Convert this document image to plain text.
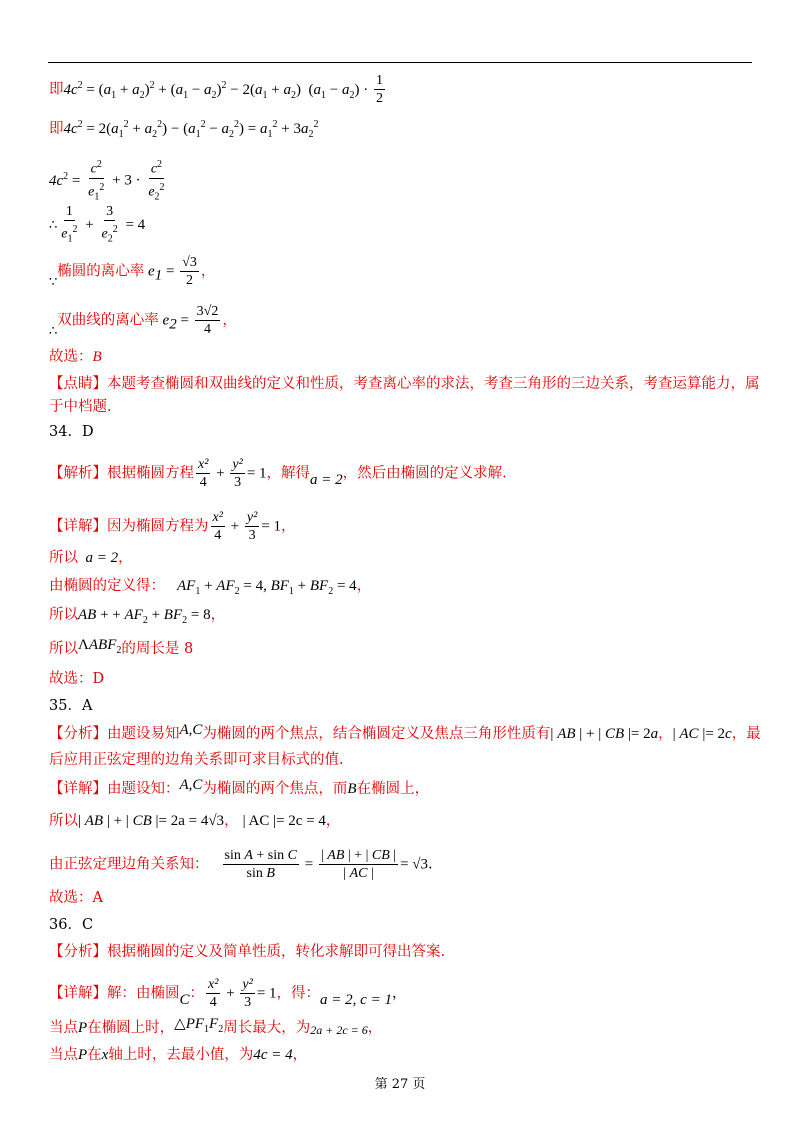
即$4c^2 = (a_1 + a_2)^2 + (a_1 - a_2)^2 - 2(a_1 + a_2) (a_1 - a_2) \cdot \frac{1}{2}$
即$4c^2 = 2(a_1^2 + a_2^2) - (a_1^2 - a_2^2) = a_1^2 + 3a_2^2$
$4c^2 = \frac{c^2}{e_1^2} + 3 \cdot \frac{c^2}{e_2^2}$
∴ $\frac{1}{e_1^2} + \frac{3}{e_2^2} = 4$
∵椭圆的离心率 $e_1 = \frac{√3}{2}$ ，
∴双曲线的离心率 $e_2 = \frac{3√2}{4}$ ，
故选：B
【点睛】本题考查椭圆和双曲线的定义和性质，考查离心率的求法，考查三角形的三边关系，考查运算能力，属
于中档题.
34．D
【解析】根据椭圆方程 $\frac{\text{x²}}{4} + \frac{\text{y²}}{3} = 1$，解得a = 2，然后由椭圆的定义求解.
【详解】因为椭圆方程为 $\frac{\text{x²}}{4} + \frac{\text{y²}}{3} = 1$，
所以 a = 2，
由椭圆的定义得： $AF_1 + AF_2 = 4$, $BF_1 + BF_2 = 4$，
所以AB + + $AF_2 + BF_2 = 8$，
所以$\Lambda ABF_2$的周长是 8
故选：D
35．A
【分析】由题设易知A,C为椭圆的两个焦点，结合椭圆定义及焦点三角形性质有| AB | + | CB |= 2a，| AC |= 2c，最
后应用正弦定理的边角关系即可求目标式的值.
【详解】由题设知：A,C为椭圆的两个焦点，而B在椭圆上，
所以| AB | + | CB |= 2a = 4√3， | AC |= 2c = 4，
由正弦定理边角关系知： $\frac{\text{sin A + sin C}}{\text{sin B}} = \frac{| AB | + | CB |}{| AC |} = √3$.
故选：A
36．C
【分析】根据椭圆的定义及简单性质，转化求解即可得出答案.
【详解】解：由椭圆C： $\frac{\text{x²}}{4} + \frac{\text{y²}}{3} = 1$，得：a = 2, c = 1，
当点P在椭圆上时，$\triangle PF_1F_2$周长最大，为2a + 2c = 6，
当点P在x轴上时，去最小值，为4c = 4，
第 27 页
